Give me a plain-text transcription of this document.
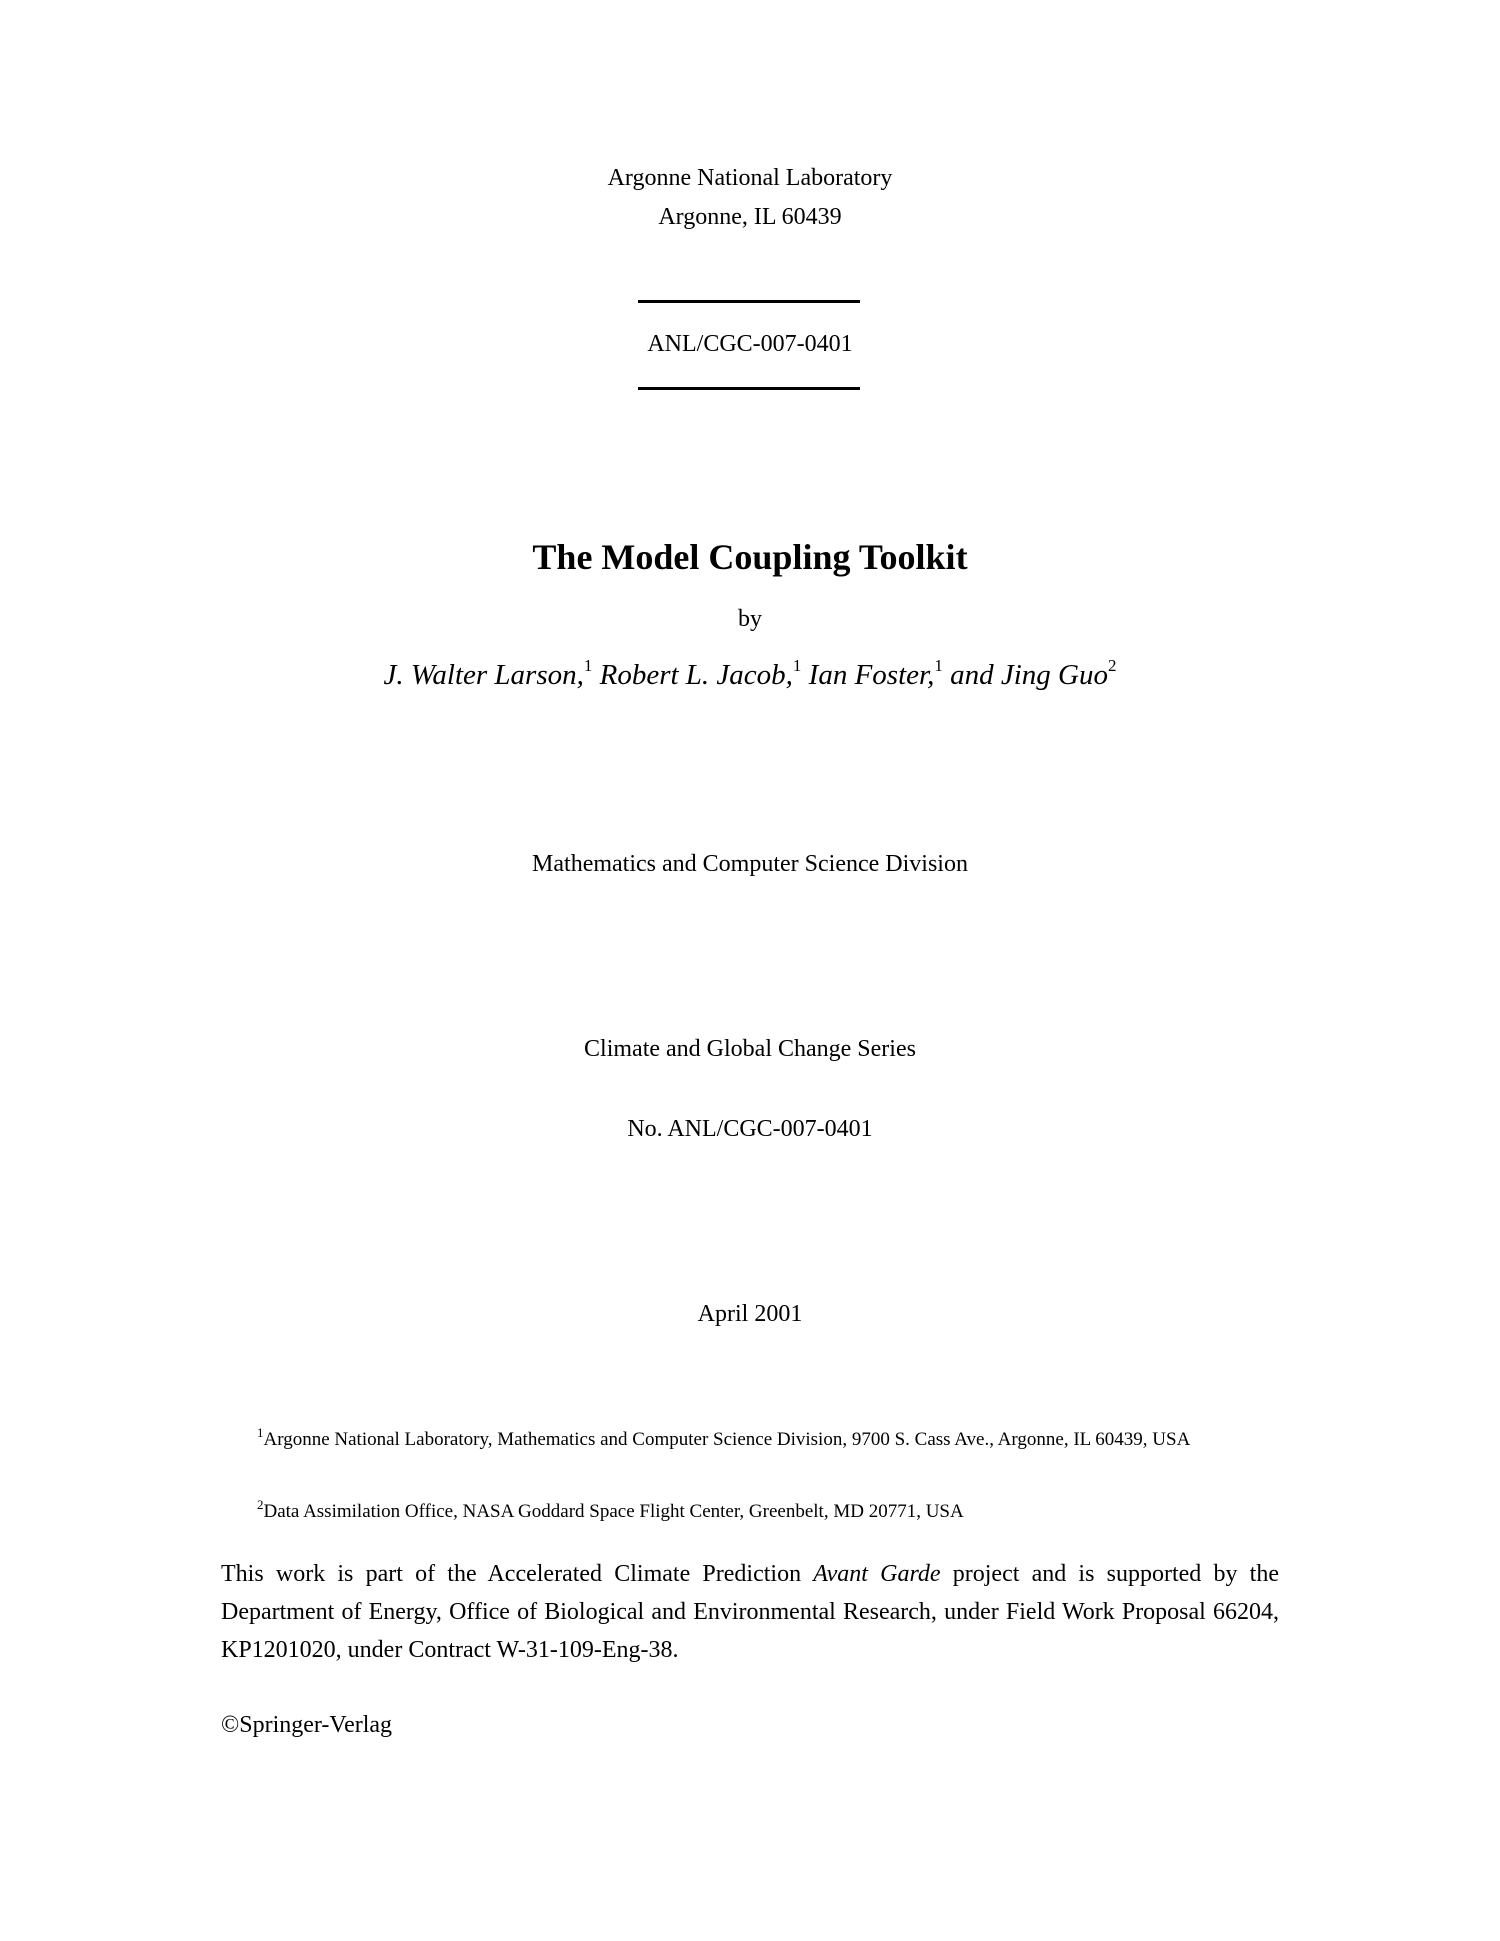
Argonne National Laboratory
Argonne, IL 60439
ANL/CGC-007-0401
The Model Coupling Toolkit
by
J. Walter Larson,$^1$ Robert L. Jacob,$^1$ Ian Foster,$^1$ and Jing Guo$^2$
Mathematics and Computer Science Division
Climate and Global Change Series
No. ANL/CGC-007-0401
April 2001
$^1$Argonne National Laboratory, Mathematics and Computer Science Division, 9700 S. Cass Ave., Argonne, IL 60439, USA
$^2$Data Assimilation Office, NASA Goddard Space Flight Center, Greenbelt, MD 20771, USA
This work is part of the Accelerated Climate Prediction Avant Garde project and is supported by the Department of Energy, Office of Biological and Environmental Research, under Field Work Proposal 66204, KP1201020, under Contract W-31-109-Eng-38.
©Springer-Verlag
